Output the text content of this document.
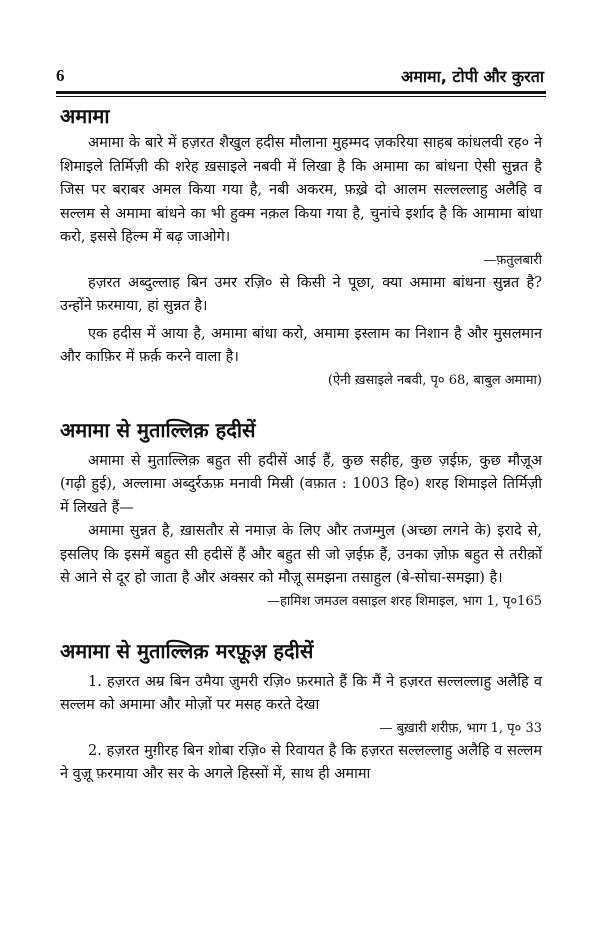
6	अमामा, टोपी और कुरता
अमामा

अमामा के बारे में हज़रत शैखुल हदीस मौलाना मुहम्मद ज़करिया साहब कांधलवी रह० ने शिमाइले तिर्मिज़ी की शरेह ख़साइले नबवी में लिखा है कि अमामा का बांधना ऐसी सुन्नत है जिस पर बराबर अमल किया गया है, नबी अकरम, फ़ख़्रे दो आलम सल्लल्लाहु अलैहि व सल्लम से अमामा बांधने का भी हुक्म नक़ल किया गया है, चुनांचे इर्शाद है कि आमामा बांधा करो, इससे हिल्म में बढ़ जाओगे।

—फ़तुलबारी

हज़रत अब्दुल्लाह बिन उमर रज़ि० से किसी ने पूछा, क्या अमामा बांधना सुन्नत है? उन्होंने फ़रमाया, हां सुन्नत है।

एक हदीस में आया है, अमामा बांधा करो, अमामा इस्लाम का निशान है और मुसलमान और काफ़िर में फ़र्क़ करने वाला है।

(ऐनी ख़साइले नबवी, पृ० 68, बाबुल अमामा)

अमामा से मुताल्लिक़ हदीसें

अमामा से मुताल्लिक़ बहुत सी हदीसें आई हैं, कुछ सहीह, कुछ ज़ईफ़, कुछ मौज़ूअ (गढ़ी हुई), अल्लामा अब्दुर्रऊफ़ मनावी मिस्री (वफ़ात : 1003 हि०) शरह शिमाइले तिर्मिज़ी में लिखते हैं—

अमामा सुन्नत है, ख़ासतौर से नमाज़ के लिए और तजम्मुल (अच्छा लगने के) इरादे से, इसलिए कि इसमें बहुत सी हदीसें हैं और बहुत सी जो ज़ईफ़ हैं, उनका ज़ोफ़ बहुत से तरीक़ों से आने से दूर हो जाता है और अक्सर को मौज़ू समझना तसाहुल (बे-सोचा-समझा) है।

—हामिश जमउल वसाइल शरह शिमाइल, भाग 1, पृ०165

अमामा से मुताल्लिक़ मरफ़ूअ़ हदीसें

1. हज़रत अम्र बिन उमैया ज़ुमरी रज़ि० फ़रमाते हैं कि मैं ने हज़रत सल्लल्लाहु अलैहि व सल्लम को अमामा और मोज़ों पर मसह करते देखा

— बुख़ारी शरीफ़, भाग 1, पृ० 33

2. हज़रत मुग़ीरह बिन शोबा रज़ि० से रिवायत है कि हज़रत सल्लल्लाहु अलैहि व सल्लम ने वुज़ू फ़रमाया और सर के अगले हिस्सों में, साथ ही अमामा
